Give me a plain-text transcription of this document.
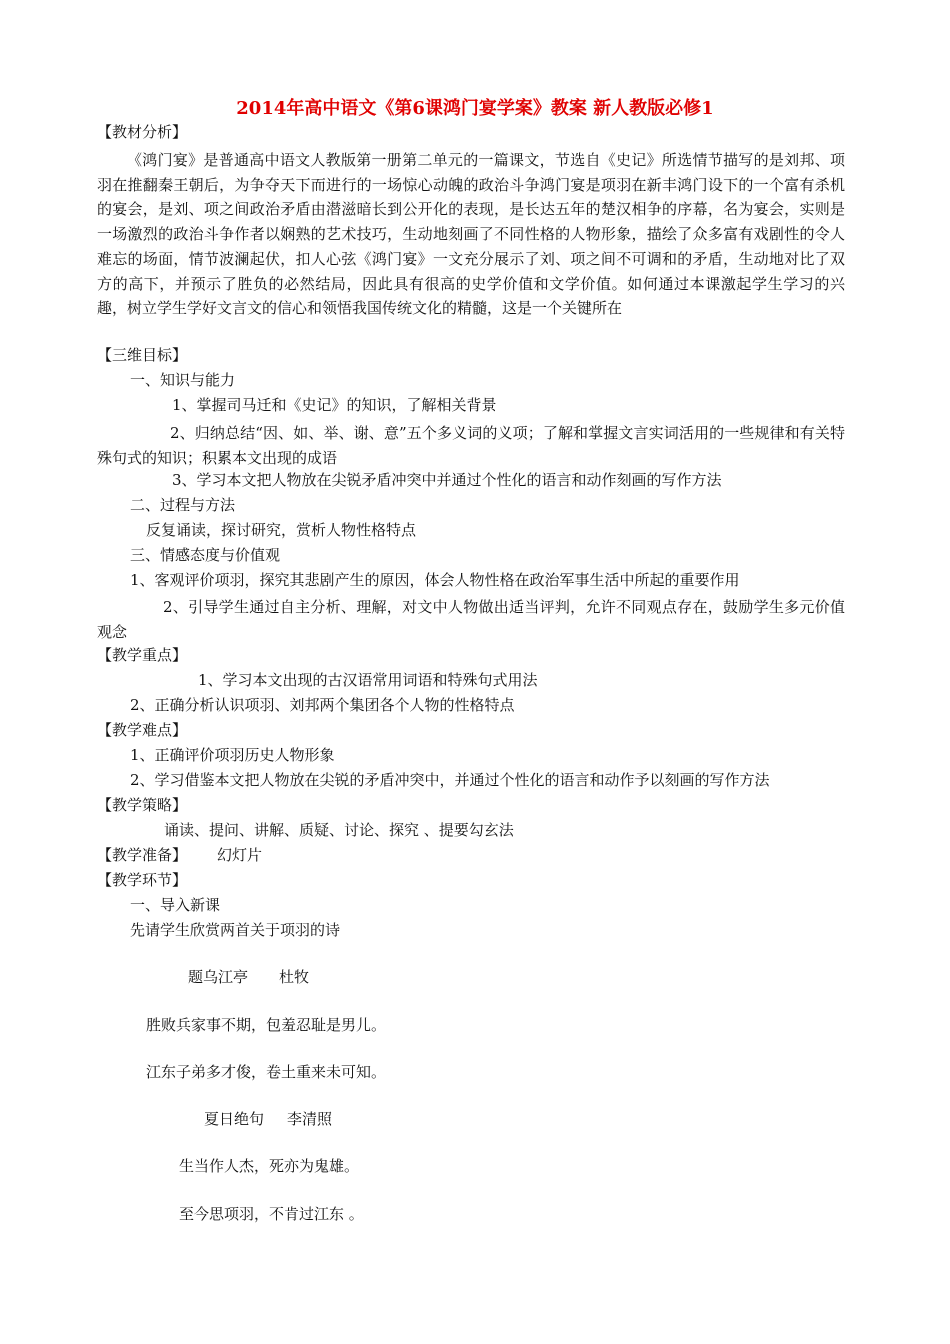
2014年高中语文《第6课鸿门宴学案》教案 新人教版必修1
【教材分析】
《鸿门宴》是普通高中语文人教版第一册第二单元的一篇课文，节选自《史记》所选情节描写的是刘邦、项羽在推翻秦王朝后，为争夺天下而进行的一场惊心动魄的政治斗争鸿门宴是项羽在新丰鸿门设下的一个富有杀机的宴会，是刘、项之间政治矛盾由潜滋暗长到公开化的表现，是长达五年的楚汉相争的序幕，名为宴会，实则是一场激烈的政治斗争作者以娴熟的艺术技巧，生动地刻画了不同性格的人物形象，描绘了众多富有戏剧性的令人难忘的场面，情节波澜起伏，扣人心弦《鸿门宴》一文充分展示了刘、项之间不可调和的矛盾，生动地对比了双方的高下，并预示了胜负的必然结局，因此具有很高的史学价值和文学价值。如何通过本课激起学生学习的兴趣，树立学生学好文言文的信心和领悟我国传统文化的精髓，这是一个关键所在
【三维目标】
一、知识与能力
1、掌握司马迁和《史记》的知识，了解相关背景
2、归纳总结“因、如、举、谢、意”五个多义词的义项；了解和掌握文言实词活用的一些规律和有关特殊句式的知识；积累本文出现的成语
3、学习本文把人物放在尖锐矛盾冲突中并通过个性化的语言和动作刻画的写作方法
二、过程与方法
反复诵读，探讨研究，赏析人物性格特点
三、情感态度与价值观
1、客观评价项羽，探究其悲剧产生的原因，体会人物性格在政治军事生活中所起的重要作用
2、引导学生通过自主分析、理解，对文中人物做出适当评判，允许不同观点存在，鼓励学生多元价值观念
【教学重点】
1、学习本文出现的古汉语常用词语和特殊句式用法
2、正确分析认识项羽、刘邦两个集团各个人物的性格特点
【教学难点】
1、正确评价项羽历史人物形象
2、学习借鉴本文把人物放在尖锐的矛盾冲突中，并通过个性化的语言和动作予以刻画的写作方法
【教学策略】
诵读、提问、讲解、质疑、讨论、探究 、提要勾玄法
【教学准备】 幻灯片
【教学环节】
一、导入新课
先请学生欣赏两首关于项羽的诗
题乌江亭 杜牧
胜败兵家事不期，包羞忍耻是男儿。
江东子弟多才俊，卷土重来未可知。
夏日绝句 李清照
生当作人杰，死亦为鬼雄。
至今思项羽，不肯过江东 。
